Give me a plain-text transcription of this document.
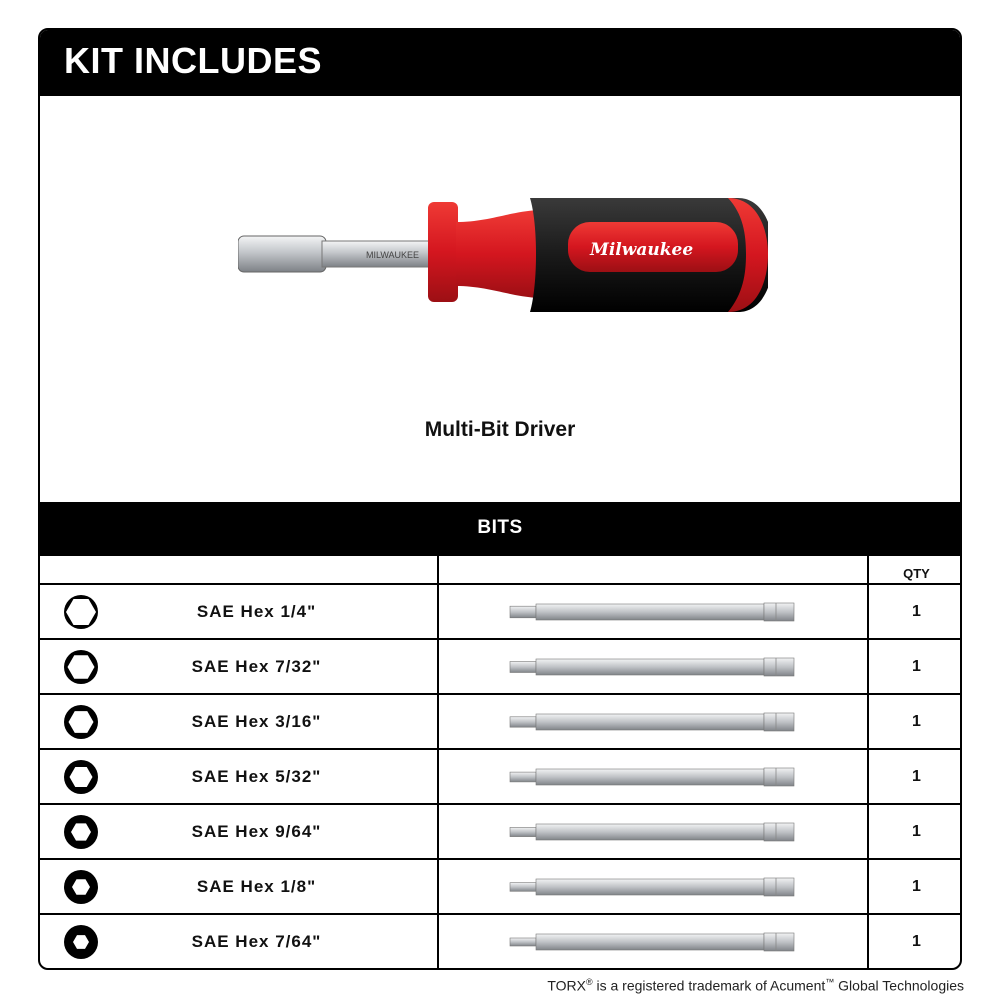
KIT INCLUDES
MILWAUKEE	Milwaukee
Multi-Bit Driver
BITS
		QTY

SAE Hex 1/4"		1

SAE Hex 7/32"		1

SAE Hex 3/16"		1

SAE Hex 5/32"		1

SAE Hex 9/64"		1

SAE Hex 1/8"		1

SAE Hex 7/64"		1
TORX® is a registered trademark of Acument™ Global Technologies
